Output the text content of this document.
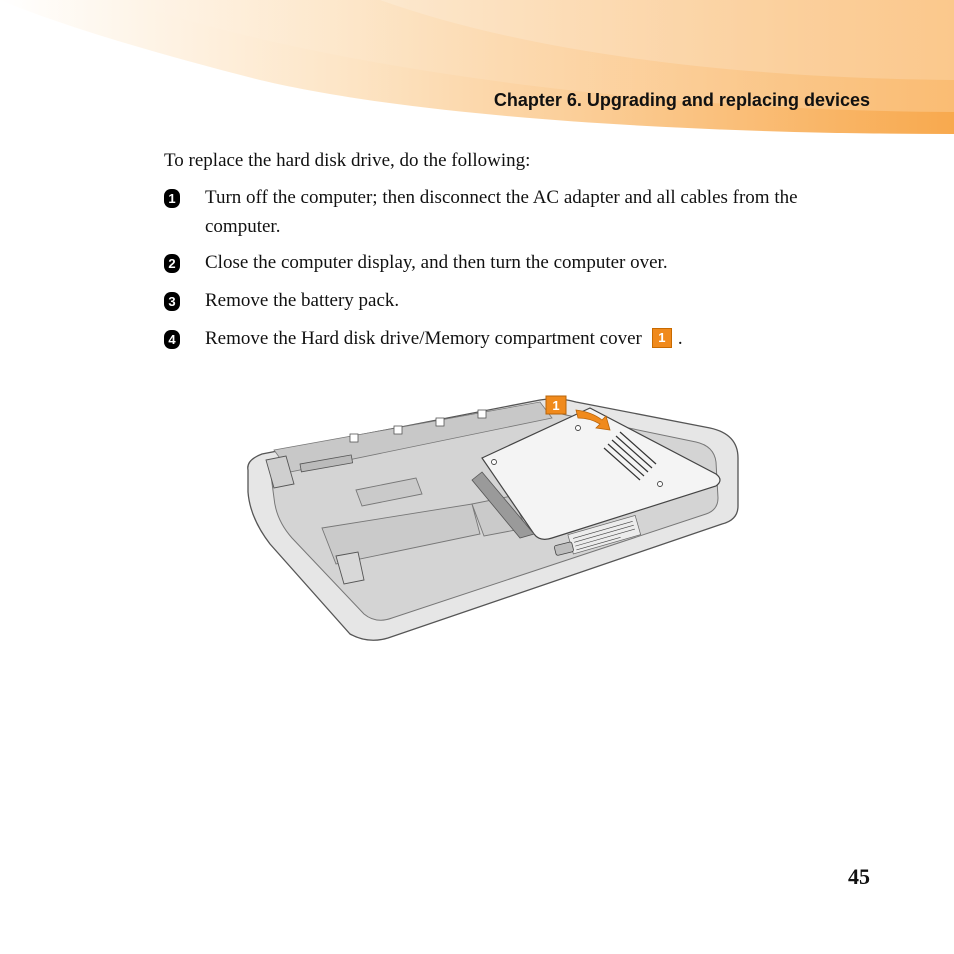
Chapter 6. Upgrading and replacing devices
To replace the hard disk drive, do the following:
1 Turn off the computer; then disconnect the AC adapter and all cables from the computer.
2 Close the computer display, and then turn the computer over.
3 Remove the battery pack.
4 Remove the Hard disk drive/Memory compartment cover 1 .
1
45
